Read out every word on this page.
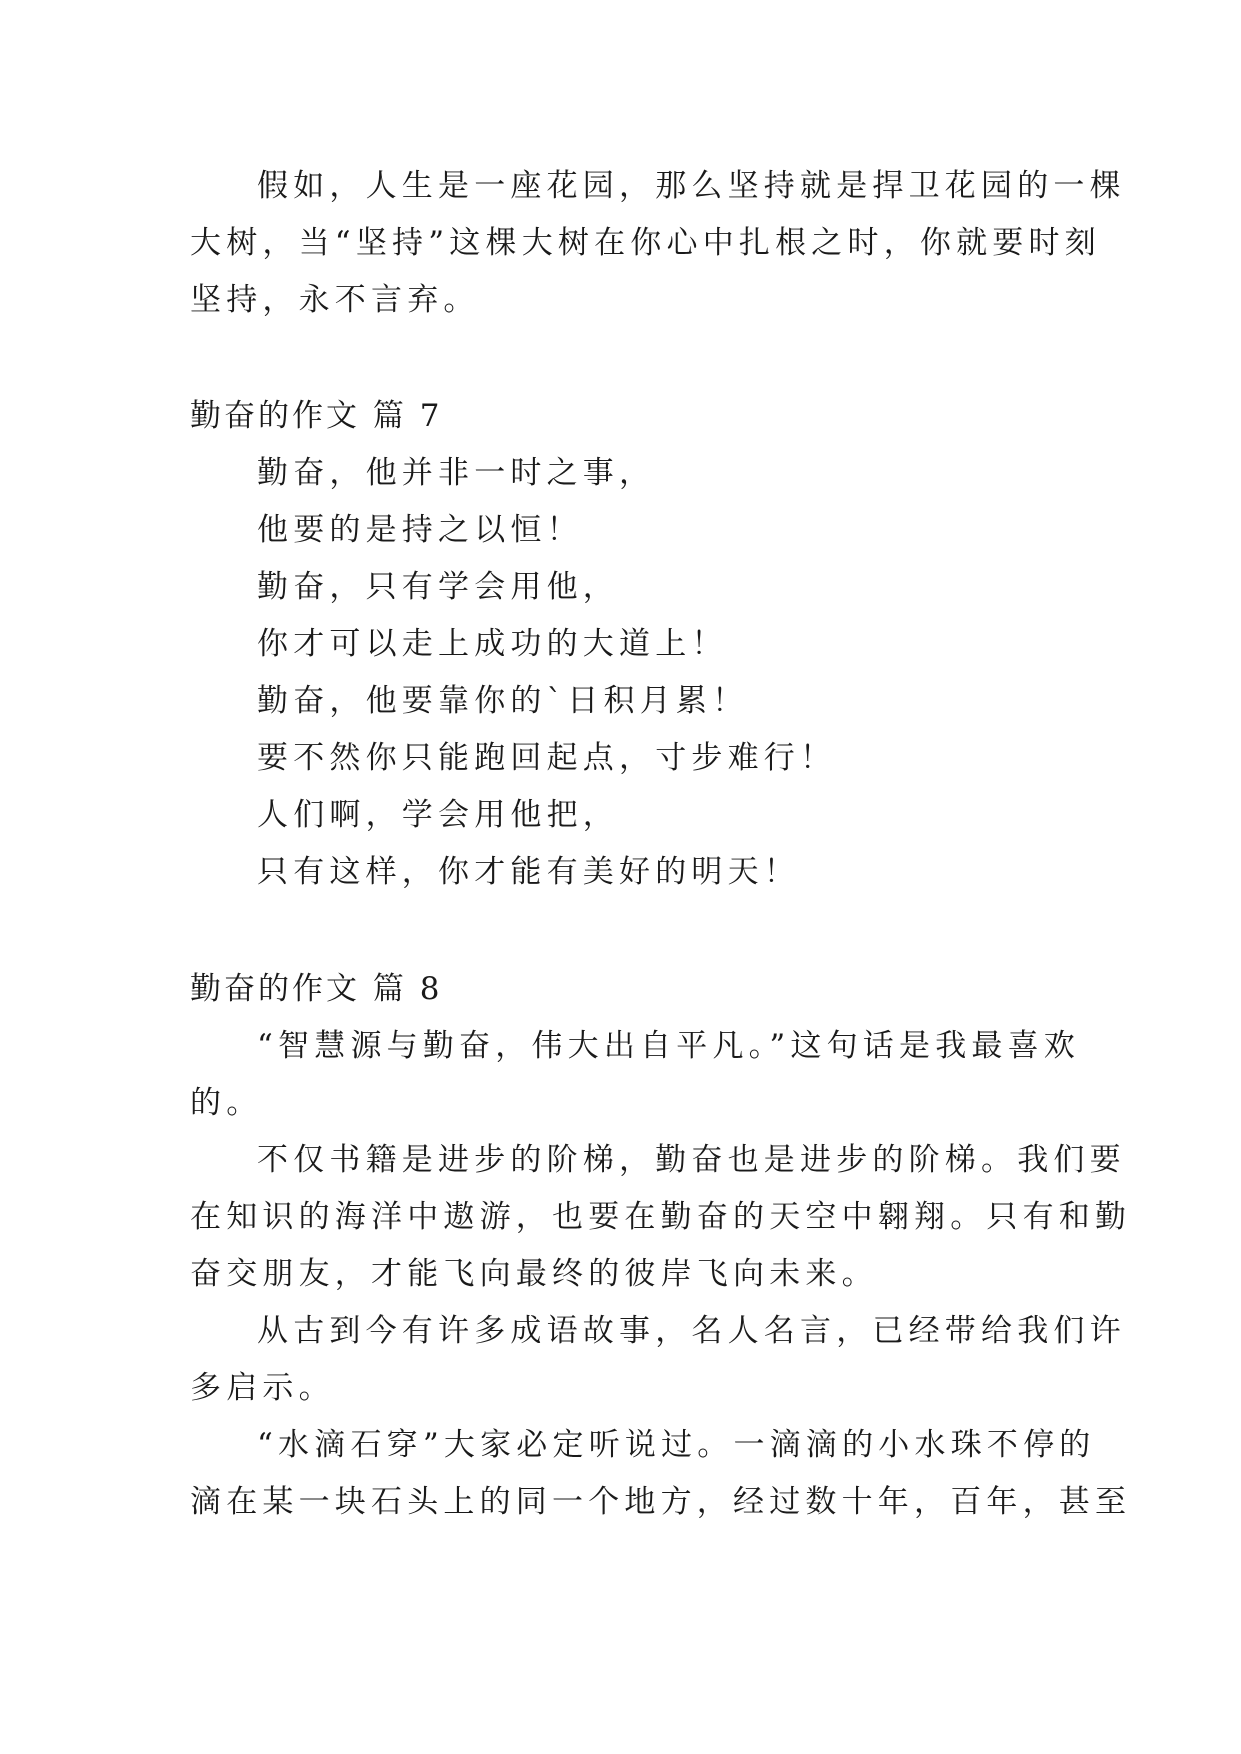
假如，人生是一座花园，那么坚持就是捍卫花园的一棵
大树，当“坚持”这棵大树在你心中扎根之时，你就要时刻
坚持，永不言弃。
勤奋的作文 篇 7
勤奋，他并非一时之事，
他要的是持之以恒！
勤奋，只有学会用他，
你才可以走上成功的大道上！
勤奋，他要靠你的`日积月累！
要不然你只能跑回起点，寸步难行！
人们啊，学会用他把，
只有这样，你才能有美好的明天！
勤奋的作文 篇 8
“智慧源与勤奋，伟大出自平凡。”这句话是我最喜欢
的。
不仅书籍是进步的阶梯，勤奋也是进步的阶梯。我们要
在知识的海洋中遨游，也要在勤奋的天空中翱翔。只有和勤
奋交朋友，才能飞向最终的彼岸飞向未来。
从古到今有许多成语故事，名人名言，已经带给我们许
多启示。
“水滴石穿”大家必定听说过。一滴滴的小水珠不停的
滴在某一块石头上的同一个地方，经过数十年，百年，甚至
